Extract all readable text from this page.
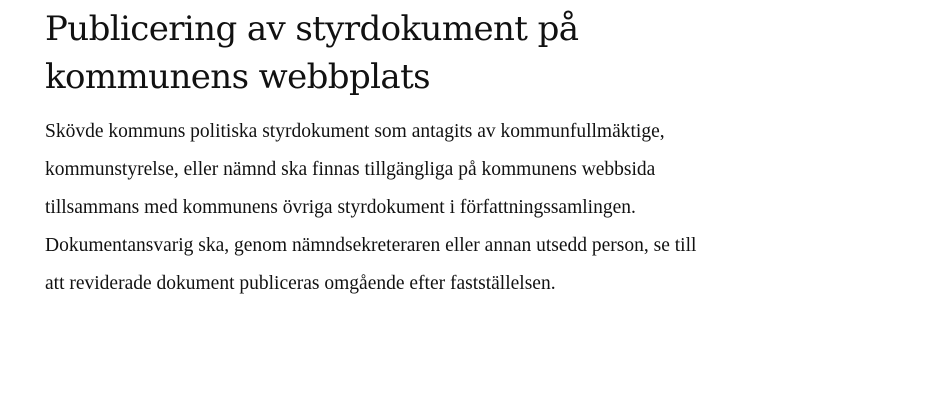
Publicering av styrdokument på
kommunens webbplats

Skövde kommuns politiska styrdokument som antagits av kommunfullmäktige,
kommunstyrelse, eller nämnd ska finnas tillgängliga på kommunens webbsida
tillsammans med kommunens övriga styrdokument i författningssamlingen.
Dokumentansvarig ska, genom nämndsekreteraren eller annan utsedd person, se till
att reviderade dokument publiceras omgående efter fastställelsen.
